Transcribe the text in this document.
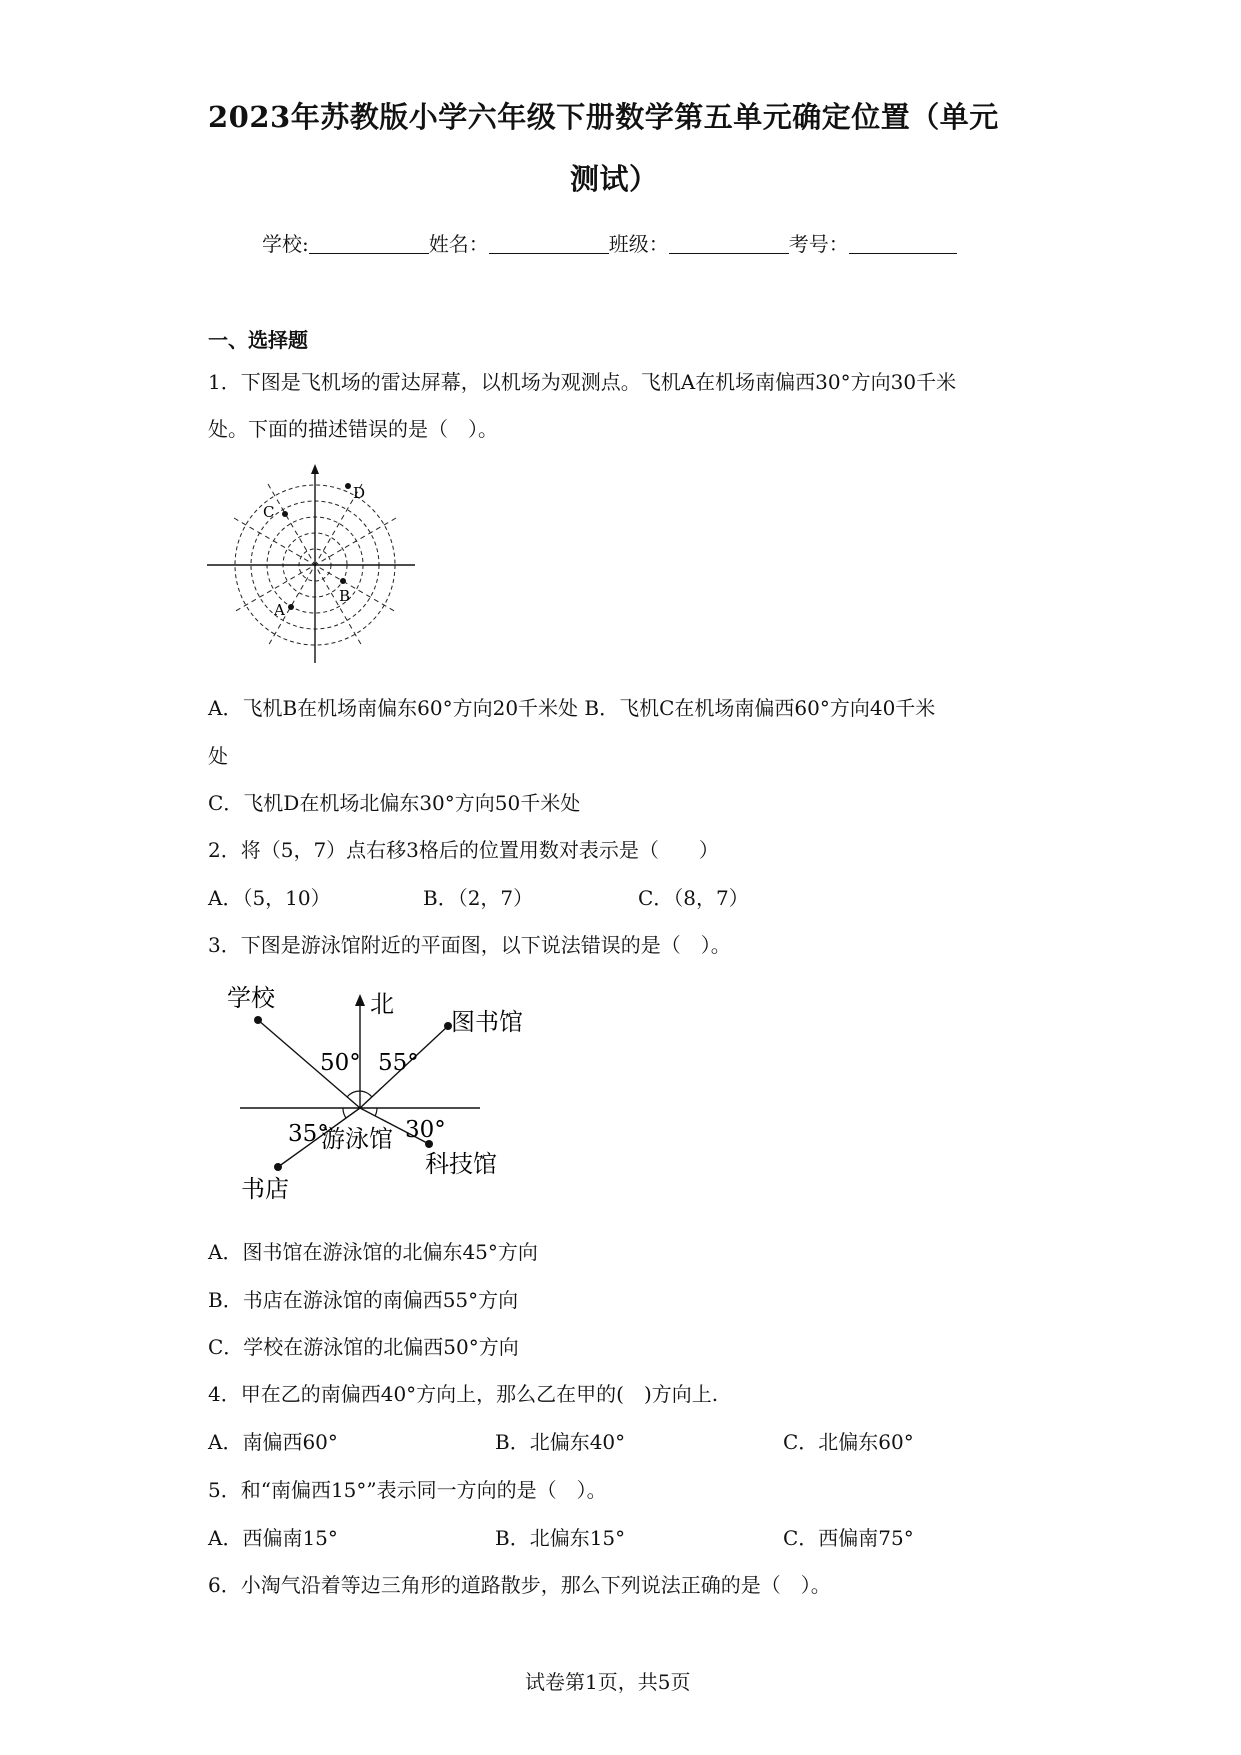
2023年苏教版小学六年级下册数学第五单元确定位置（单元
测试）
学校:	姓名：	班级：	考号：
一、选择题
1．下图是飞机场的雷达屏幕，以机场为观测点。飞机A在机场南偏西30°方向30千米
处。下面的描述错误的是（　）。
D
C
B
A
A．飞机B在机场南偏东60°方向20千米处 B．飞机C在机场南偏西60°方向40千米
处
C．飞机D在机场北偏东30°方向50千米处
2．将（5，7）点右移3格后的位置用数对表示是（　　）
A．（5，10）	B．（2，7）	C．（8，7）
3．下图是游泳馆附近的平面图，以下说法错误的是（　）。
学校	北
图书馆
50° 55°
35°	30°
游泳馆
科技馆
书店
A．图书馆在游泳馆的北偏东45°方向
B．书店在游泳馆的南偏西55°方向
C．学校在游泳馆的北偏西50°方向
4．甲在乙的南偏西40°方向上，那么乙在甲的(　)方向上.
A．南偏西60°	B．北偏东40°	C．北偏东60°
5．和“南偏西15°”表示同一方向的是（　）。
A．西偏南15°	B．北偏东15°	C．西偏南75°
6．小淘气沿着等边三角形的道路散步，那么下列说法正确的是（　）。
试卷第1页，共5页
